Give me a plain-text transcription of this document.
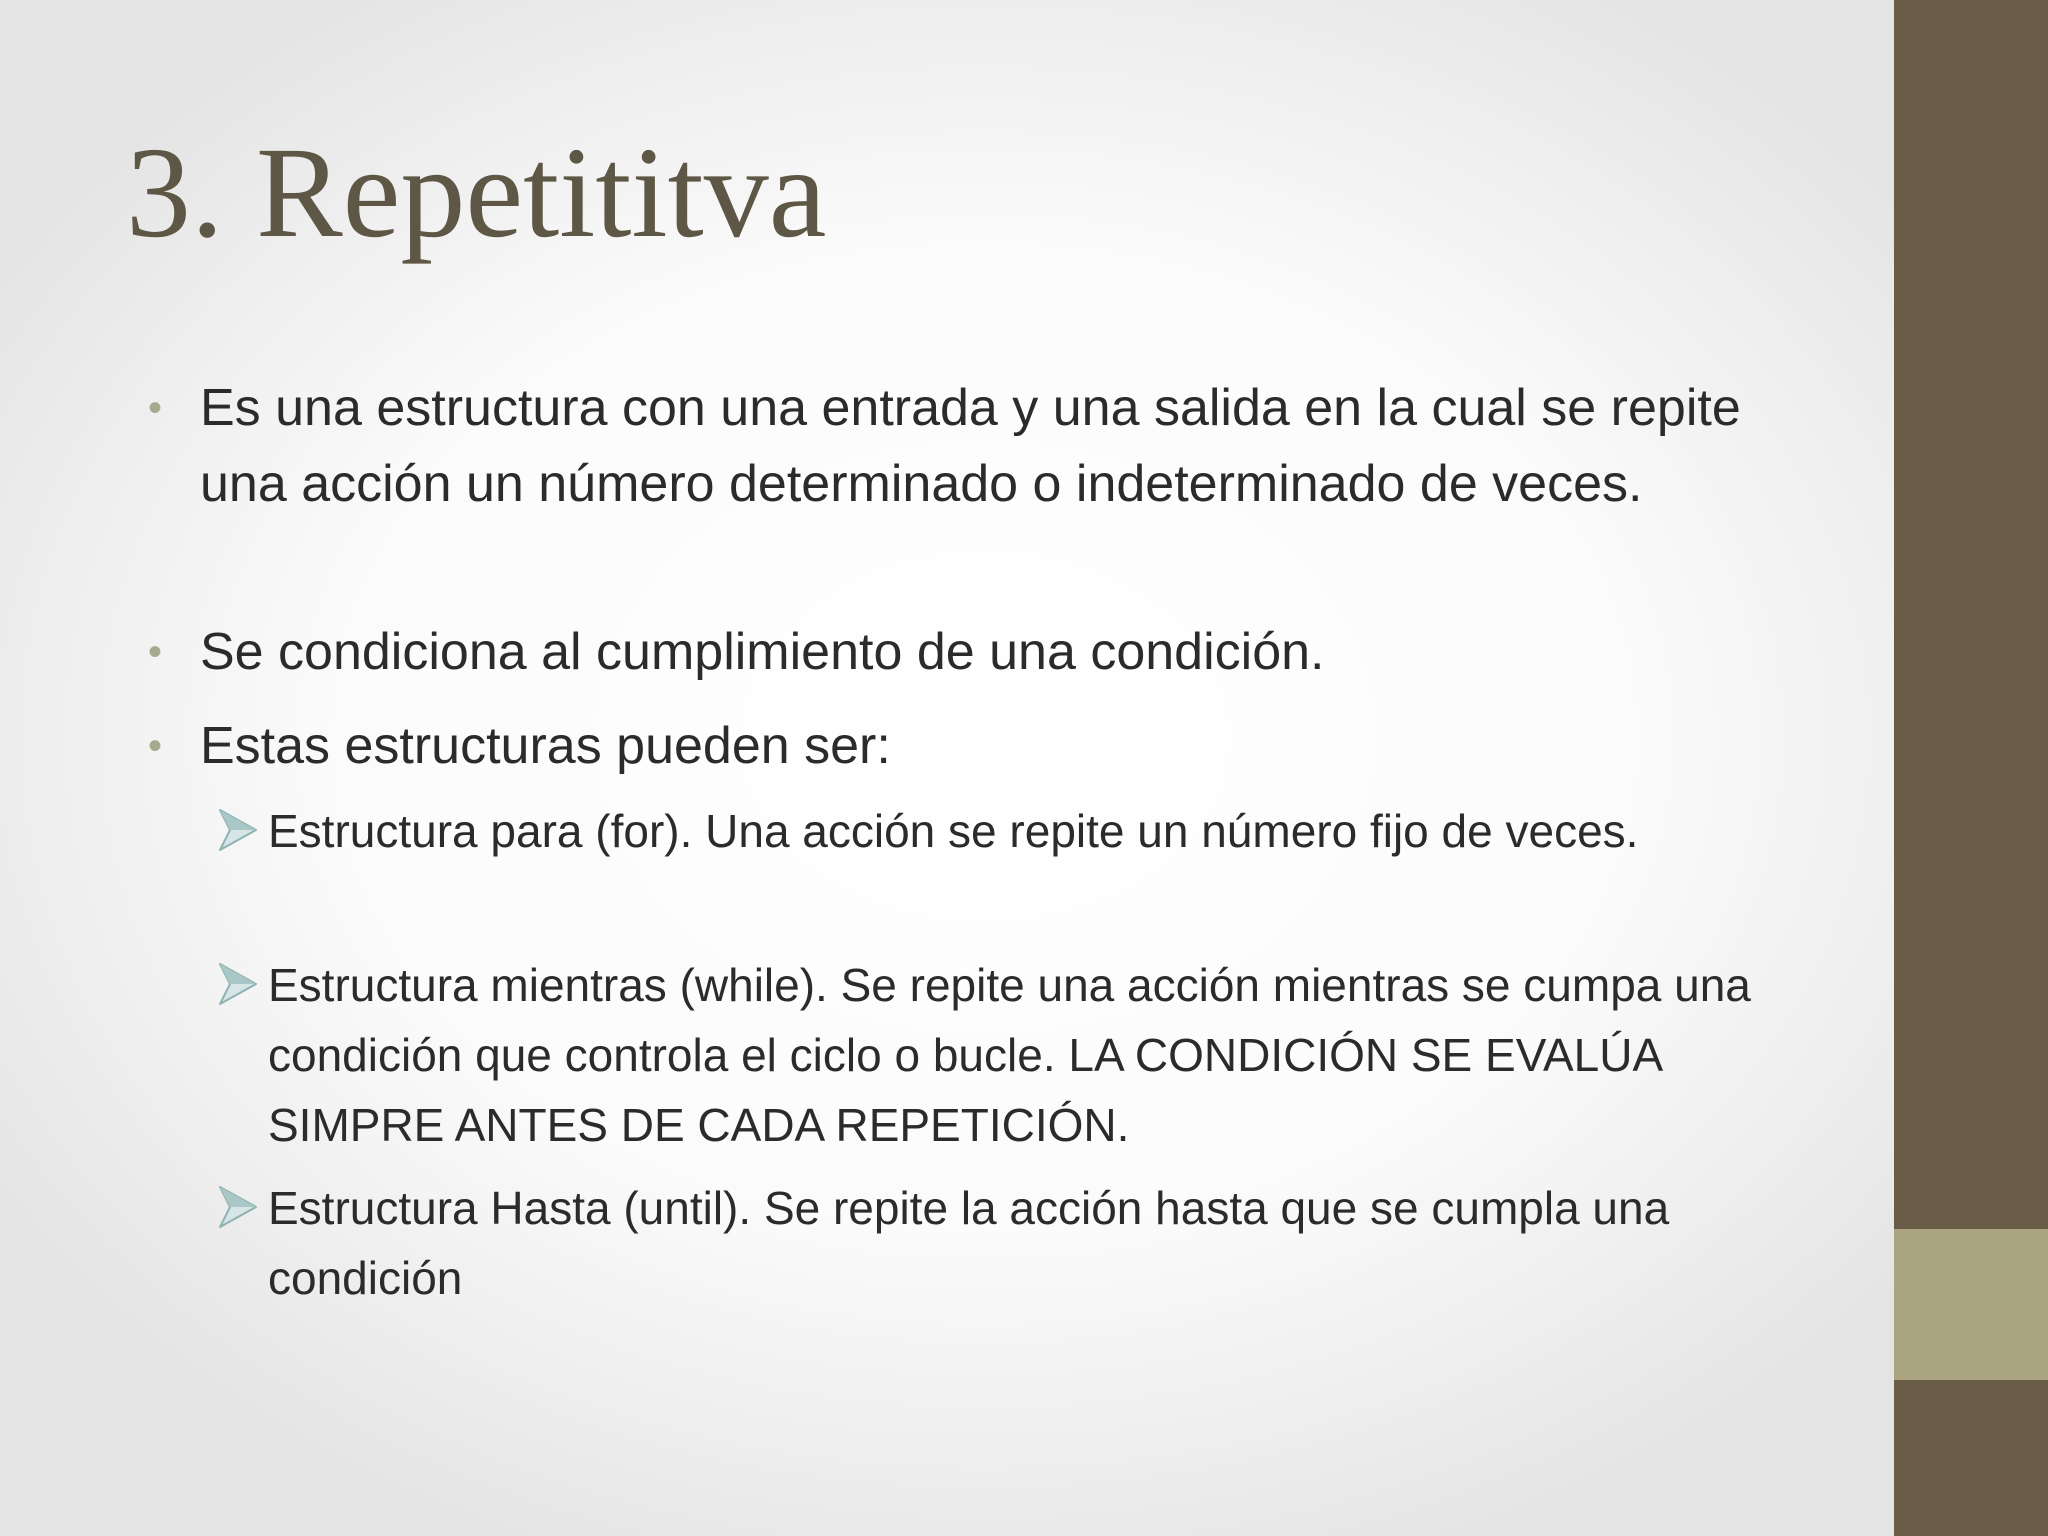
3. Repetititva
• Es una estructura con una entrada y una salida en la cual se repite una acción un número determinado o indeterminado de veces.
• Se condiciona al cumplimiento de una condición.
• Estas estructuras pueden ser:
Estructura para (for). Una acción se repite un número fijo de veces.
Estructura mientras (while). Se repite una acción mientras se cumpa una condición que controla el ciclo o bucle. LA CONDICIÓN SE EVALÚA SIMPRE ANTES DE CADA REPETICIÓN.
Estructura Hasta (until). Se repite la acción hasta que se cumpla una condición
